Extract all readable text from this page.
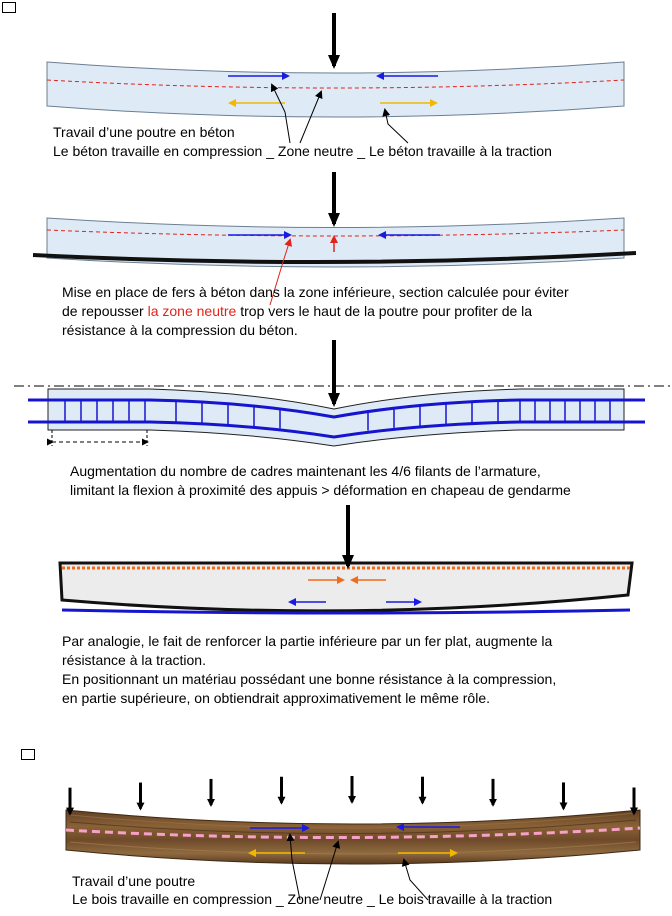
Travail d’une poutre en béton
Le béton travaille en compression _ Zone neutre _ Le béton travaille à la traction
Mise en place de fers à béton dans la zone inférieure, section calculée pour éviter
de repousser la zone neutre trop vers le haut de la poutre pour profiter de la
résistance à la compression du béton.
Augmentation du nombre de cadres maintenant les 4/6 filants de l’armature,
limitant la flexion à proximité des appuis > déformation en chapeau de gendarme
Par analogie, le fait de renforcer la partie inférieure par un fer plat, augmente la
résistance à la traction.
En positionnant un matériau possédant une bonne résistance à la compression,
en partie supérieure, on obtiendrait approximativement le même rôle.
Travail d’une poutre
Le bois travaille en compression _ Zone neutre _ Le bois travaille à la traction
